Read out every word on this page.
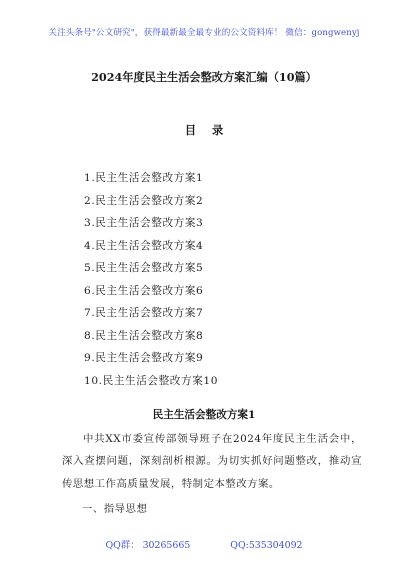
关注头条号"公文研究"，获得最新最全最专业的公文资料库！ 微信：gongwenyj
2024年度民主生活会整改方案汇编（10篇）
目 录
1.民主生活会整改方案1
2.民主生活会整改方案2
3.民主生活会整改方案3
4.民主生活会整改方案4
5.民主生活会整改方案5
6.民主生活会整改方案6
7.民主生活会整改方案7
8.民主生活会整改方案8
9.民主生活会整改方案9
10.民主生活会整改方案10
民主生活会整改方案1

中共XX市委宣传部领导班子在2024年度民主生活会中，深入查摆问题，深刻剖析根源。为切实抓好问题整改，推动宣传思想工作高质量发展，特制定本整改方案。

一、指导思想
QQ群： 30265665	QQ:535304092
